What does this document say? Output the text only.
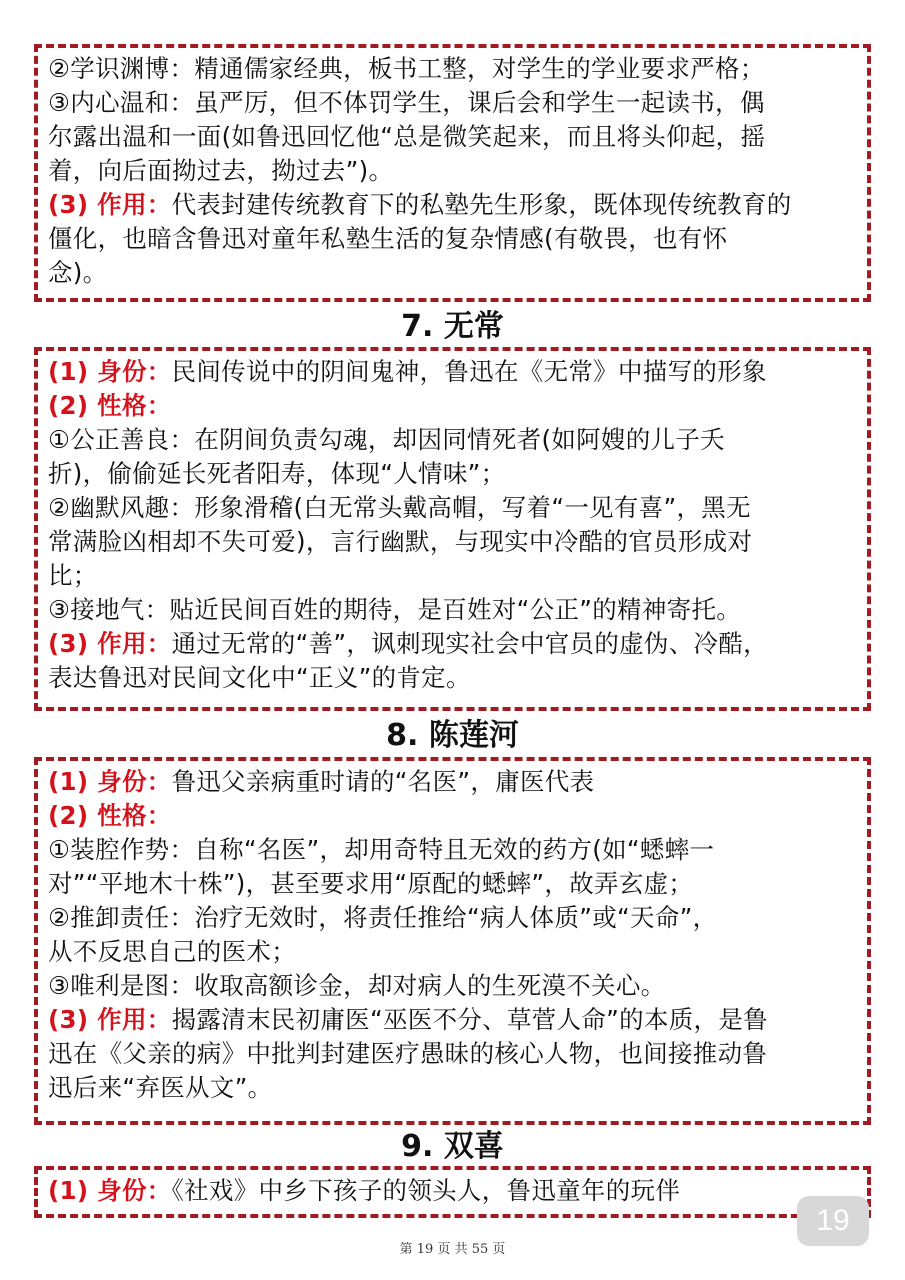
②学识渊博：精通儒家经典，板书工整，对学生的学业要求严格；
③内心温和：虽严厉，但不体罚学生，课后会和学生一起读书，偶
尔露出温和一面(如鲁迅回忆他“总是微笑起来，而且将头仰起，摇
着，向后面拗过去，拗过去”)。
(3) 作用：代表封建传统教育下的私塾先生形象，既体现传统教育的
僵化，也暗含鲁迅对童年私塾生活的复杂情感(有敬畏，也有怀
念)。
7. 无常
(1) 身份：民间传说中的阴间鬼神，鲁迅在《无常》中描写的形象
(2) 性格：
①公正善良：在阴间负责勾魂，却因同情死者(如阿嫂的儿子夭
折)，偷偷延长死者阳寿，体现“人情味”；
②幽默风趣：形象滑稽(白无常头戴高帽，写着“一见有喜”，黑无
常满脸凶相却不失可爱)，言行幽默，与现实中冷酷的官员形成对
比；
③接地气：贴近民间百姓的期待，是百姓对“公正”的精神寄托。
(3) 作用：通过无常的“善”，讽刺现实社会中官员的虚伪、冷酷，
表达鲁迅对民间文化中“正义”的肯定。
8. 陈莲河
(1) 身份：鲁迅父亲病重时请的“名医”，庸医代表
(2) 性格：
①装腔作势：自称“名医”，却用奇特且无效的药方(如“蟋蟀一
对”“平地木十株”)，甚至要求用“原配的蟋蟀”，故弄玄虚；
②推卸责任：治疗无效时，将责任推给“病人体质”或“天命”，
从不反思自己的医术；
③唯利是图：收取高额诊金，却对病人的生死漠不关心。
(3) 作用：揭露清末民初庸医“巫医不分、草菅人命”的本质，是鲁
迅在《父亲的病》中批判封建医疗愚昧的核心人物，也间接推动鲁
迅后来“弃医从文”。
9. 双喜
(1) 身份：《社戏》中乡下孩子的领头人，鲁迅童年的玩伴
19
第 19 页 共 55 页
